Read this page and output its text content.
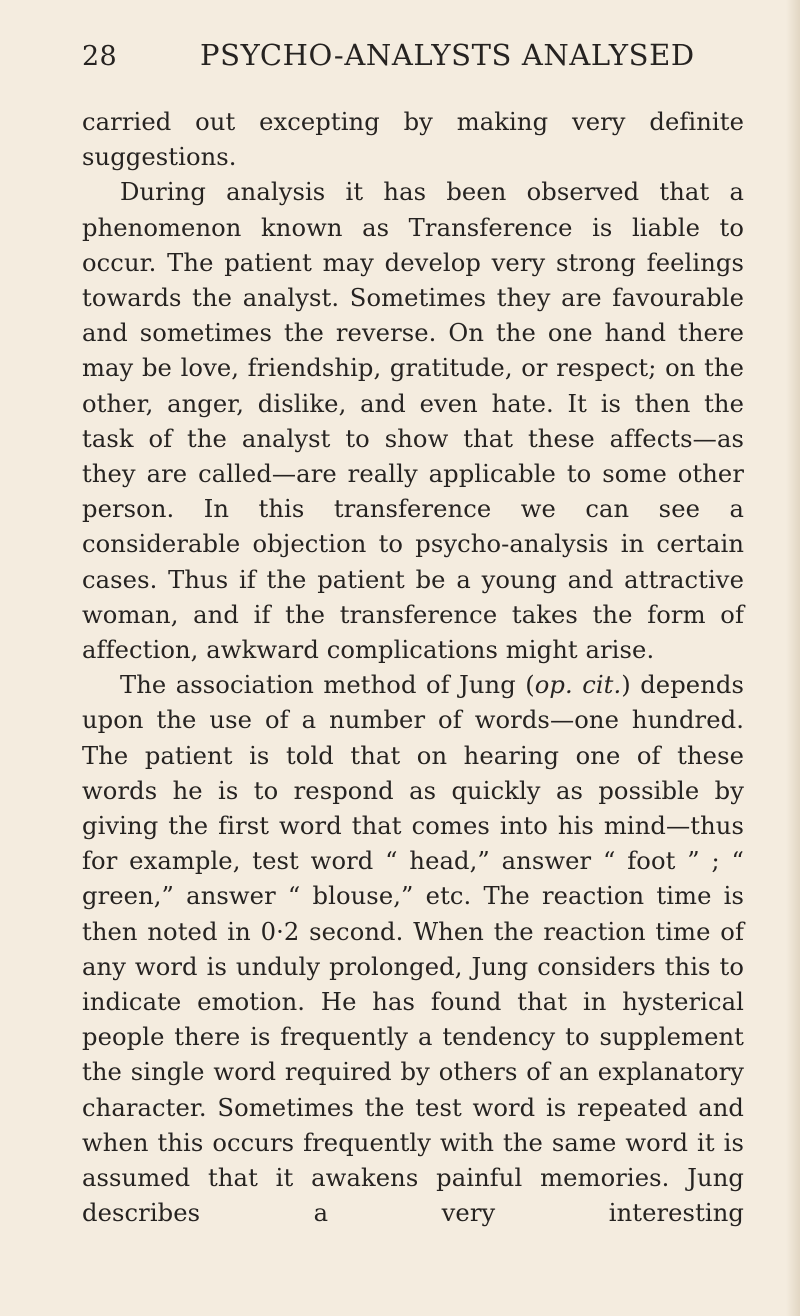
28	PSYCHO-ANALYSTS ANALYSED

carried out excepting by making very definite suggestions.

During analysis it has been observed that a phenomenon known as Transference is liable to occur. The patient may develop very strong feelings towards the analyst. Sometimes they are favourable and sometimes the reverse. On the one hand there may be love, friendship, gratitude, or respect; on the other, anger, dislike, and even hate. It is then the task of the analyst to show that these affects—as they are called—are really applicable to some other person. In this transference we can see a considerable objection to psycho-analysis in certain cases. Thus if the patient be a young and attractive woman, and if the transference takes the form of affection, awkward complications might arise.

The association method of Jung (op. cit.) depends upon the use of a number of words—one hundred. The patient is told that on hearing one of these words he is to respond as quickly as possible by giving the first word that comes into his mind—thus for example, test word “ head,” answer “ foot ” ; “ green,” answer “ blouse,” etc. The reaction time is then noted in 0·2 second. When the reaction time of any word is unduly prolonged, Jung considers this to indicate emotion. He has found that in hysterical people there is frequently a tendency to supplement the single word required by others of an explanatory character. Sometimes the test word is repeated and when this occurs frequently with the same word it is assumed that it awakens painful memories. Jung describes a very interesting
